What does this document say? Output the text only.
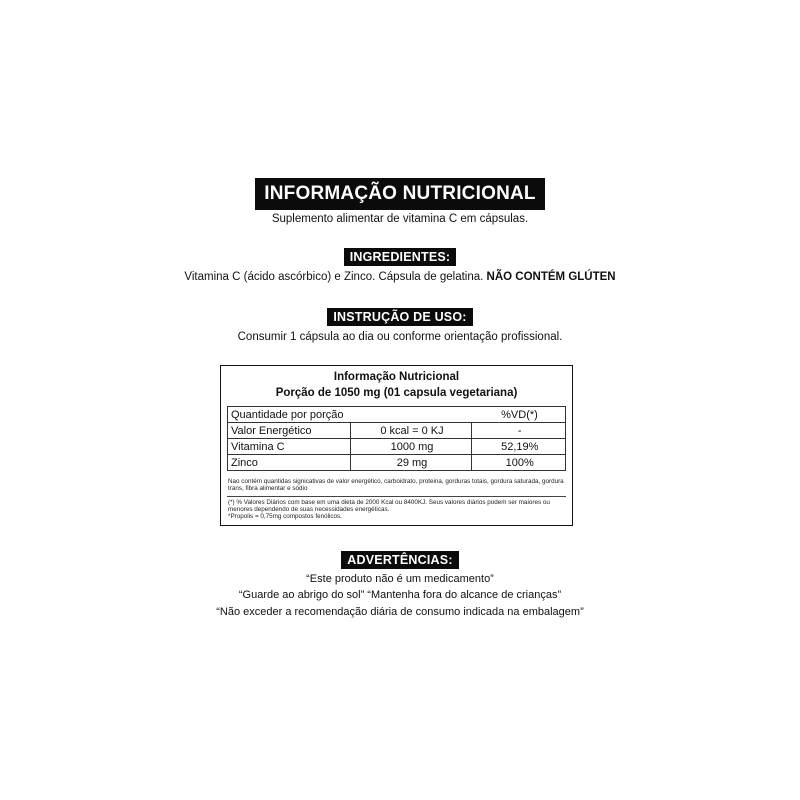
INFORMAÇÃO NUTRICIONAL
Suplemento alimentar de vitamina C em cápsulas.
INGREDIENTES:
Vitamina C (ácido ascórbico) e Zinco. Cápsula de gelatina. NÃO CONTÉM GLÚTEN
INSTRUÇÃO DE USO:
Consumir 1 cápsula ao dia ou conforme orientação profissional.
Informação Nutricional
Porção de 1050 mg (01 capsula vegetariana)
Quantidade por porção		%VD(*)
Valor Energético	0 kcal = 0 KJ	-
Vitamina C	1000 mg	52,19%
Zinco	29 mg	100%
Nao contém quantidas signicativas de valor energético, carboidrato, proteina, gorduras totais, gordura saturada, gordura trans, fibra alimentar e sódio
(*) % Valores Diários com base em uma dieta de 2000 Kcal ou 8400KJ. Seus valores diários podem ser maiores ou menores dependendo de suas necessidades energéticas.
*Propolis = 0,75mg compostos fenólicos.
ADVERTÊNCIAS:
“Este produto não é um medicamento”
“Guarde ao abrigo do sol” “Mantenha fora do alcance de crianças”
“Não exceder a recomendação diária de consumo indicada na embalagem”
